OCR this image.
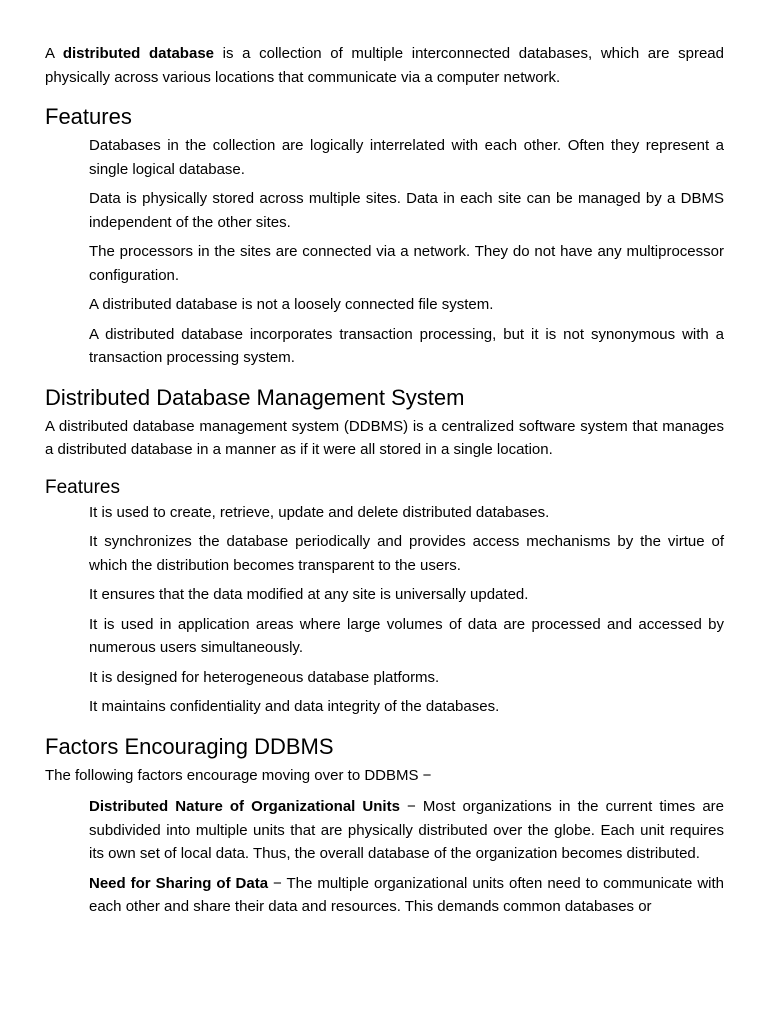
A distributed database is a collection of multiple interconnected databases, which are spread physically across various locations that communicate via a computer network.

Features

Databases in the collection are logically interrelated with each other. Often they represent a single logical database.

Data is physically stored across multiple sites. Data in each site can be managed by a DBMS independent of the other sites.

The processors in the sites are connected via a network. They do not have any multiprocessor configuration.

A distributed database is not a loosely connected file system.

A distributed database incorporates transaction processing, but it is not synonymous with a transaction processing system.

Distributed Database Management System

A distributed database management system (DDBMS) is a centralized software system that manages a distributed database in a manner as if it were all stored in a single location.

Features

It is used to create, retrieve, update and delete distributed databases.

It synchronizes the database periodically and provides access mechanisms by the virtue of which the distribution becomes transparent to the users.

It ensures that the data modified at any site is universally updated.

It is used in application areas where large volumes of data are processed and accessed by numerous users simultaneously.

It is designed for heterogeneous database platforms.

It maintains confidentiality and data integrity of the databases.

Factors Encouraging DDBMS

The following factors encourage moving over to DDBMS −

Distributed Nature of Organizational Units − Most organizations in the current times are subdivided into multiple units that are physically distributed over the globe. Each unit requires its own set of local data. Thus, the overall database of the organization becomes distributed.

Need for Sharing of Data − The multiple organizational units often need to communicate with each other and share their data and resources. This demands common databases or
